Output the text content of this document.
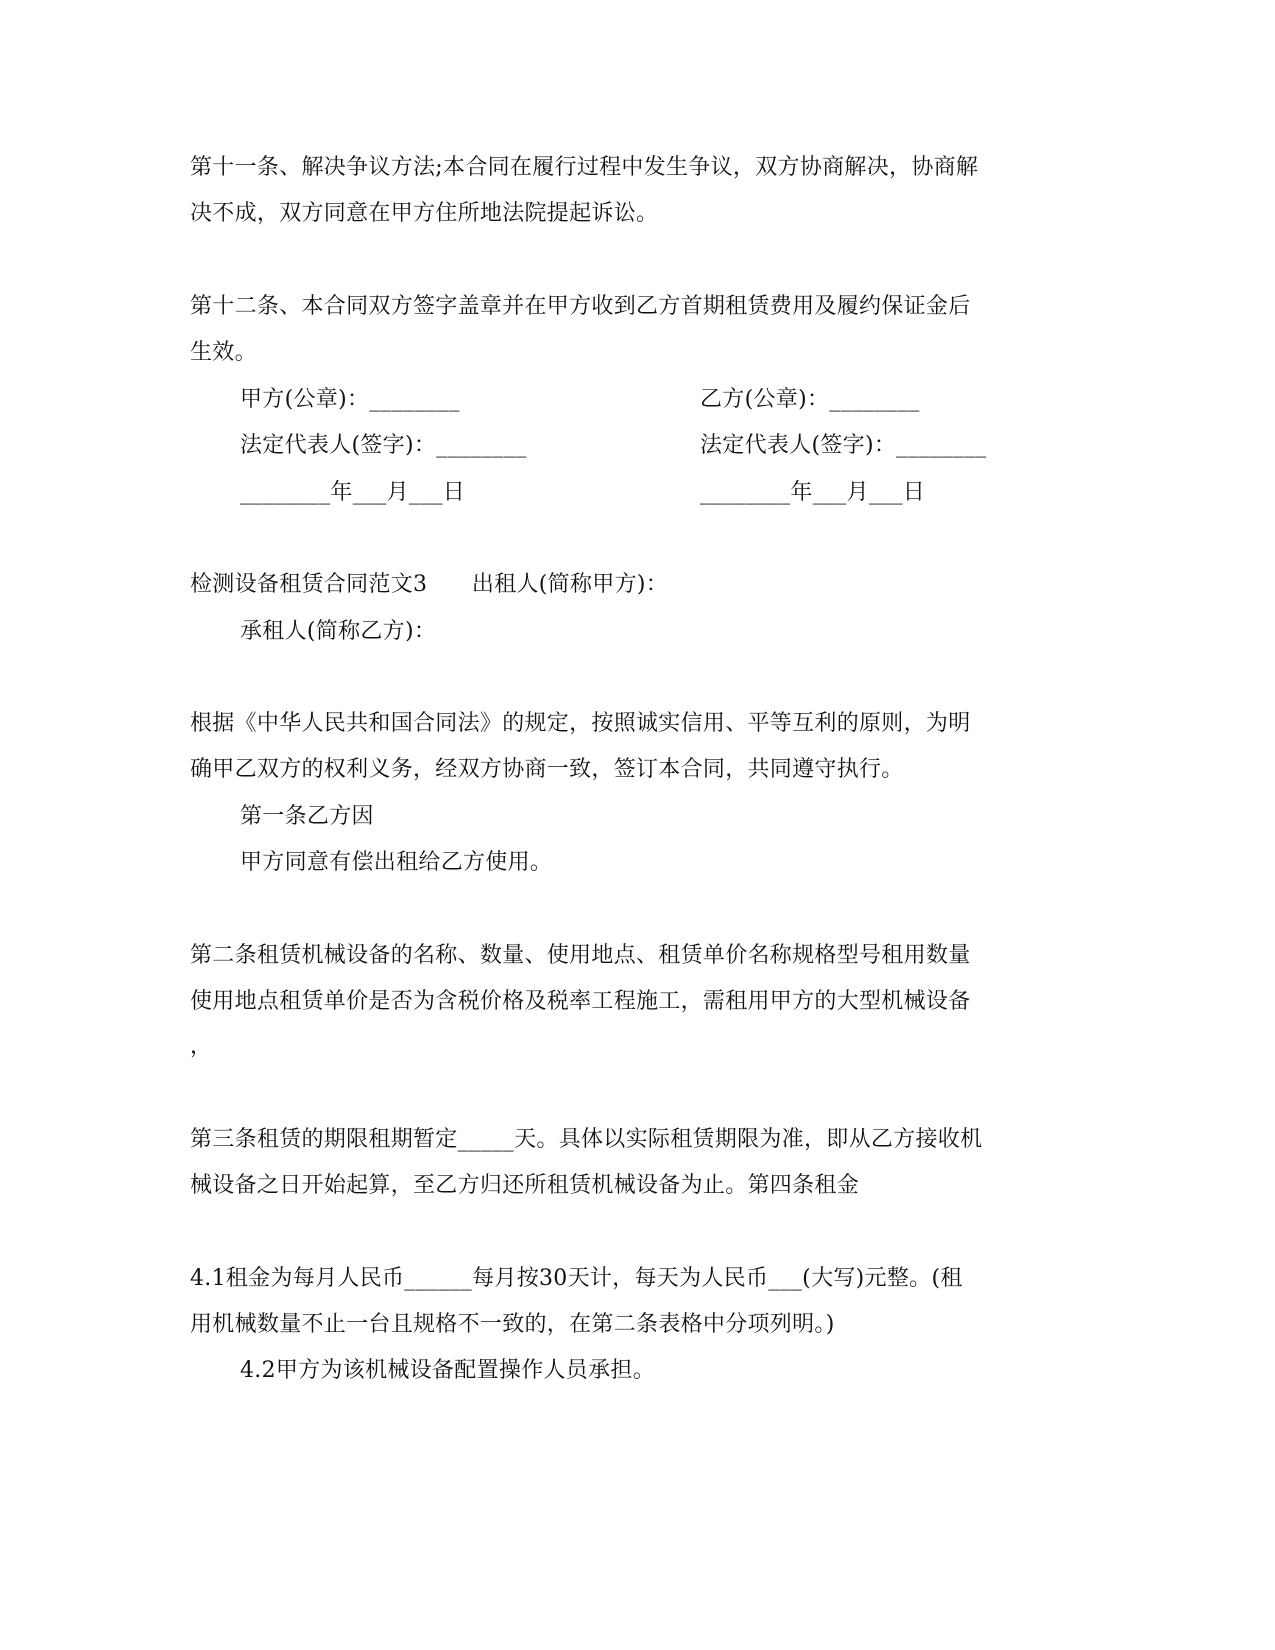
第十一条、解决争议方法;本合同在履行过程中发生争议，双方协商解决，协商解
决不成，双方同意在甲方住所地法院提起诉讼。
第十二条、本合同双方签字盖章并在甲方收到乙方首期租赁费用及履约保证金后
生效。
甲方(公章)：________	乙方(公章)：________
法定代表人(签字)：________	法定代表人(签字)：________
________年___月___日	________年___月___日
检测设备租赁合同范文3　　出租人(简称甲方)：
承租人(简称乙方)：
根据《中华人民共和国合同法》的规定，按照诚实信用、平等互利的原则，为明
确甲乙双方的权利义务，经双方协商一致，签订本合同，共同遵守执行。
第一条乙方因
甲方同意有偿出租给乙方使用。
第二条租赁机械设备的名称、数量、使用地点、租赁单价名称规格型号租用数量
使用地点租赁单价是否为含税价格及税率工程施工，需租用甲方的大型机械设备
，
第三条租赁的期限租期暂定_____天。具体以实际租赁期限为准，即从乙方接收机
械设备之日开始起算，至乙方归还所租赁机械设备为止。第四条租金
4.1租金为每月人民币______每月按30天计，每天为人民币___(大写)元整。(租
用机械数量不止一台且规格不一致的，在第二条表格中分项列明。)
4.2甲方为该机械设备配置操作人员承担。
